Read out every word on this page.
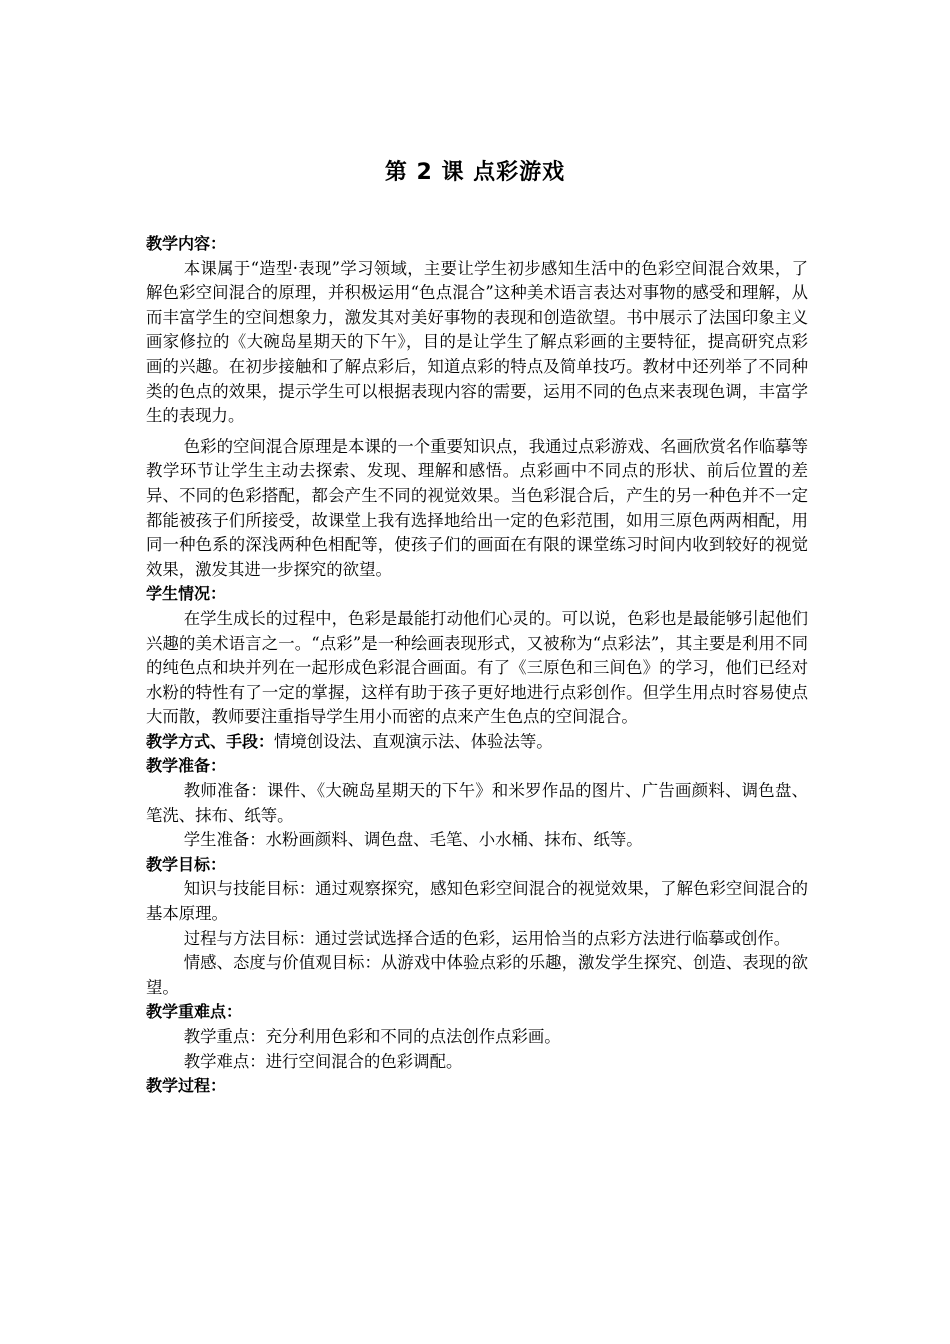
第 2 课 点彩游戏
教学内容：

本课属于“造型·表现”学习领域，主要让学生初步感知生活中的色彩空间混合效果，了解色彩空间混合的原理，并积极运用“色点混合”这种美术语言表达对事物的感受和理解，从而丰富学生的空间想象力，激发其对美好事物的表现和创造欲望。书中展示了法国印象主义画家修拉的《大碗岛星期天的下午》，目的是让学生了解点彩画的主要特征，提高研究点彩画的兴趣。在初步接触和了解点彩后，知道点彩的特点及简单技巧。教材中还列举了不同种类的色点的效果，提示学生可以根据表现内容的需要，运用不同的色点来表现色调，丰富学生的表现力。

色彩的空间混合原理是本课的一个重要知识点，我通过点彩游戏、名画欣赏名作临摹等教学环节让学生主动去探索、发现、理解和感悟。点彩画中不同点的形状、前后位置的差异、不同的色彩搭配，都会产生不同的视觉效果。当色彩混合后，产生的另一种色并不一定都能被孩子们所接受，故课堂上我有选择地给出一定的色彩范围，如用三原色两两相配，用同一种色系的深浅两种色相配等，使孩子们的画面在有限的课堂练习时间内收到较好的视觉效果，激发其进一步探究的欲望。

学生情况：

在学生成长的过程中，色彩是最能打动他们心灵的。可以说，色彩也是最能够引起他们兴趣的美术语言之一。“点彩”是一种绘画表现形式，又被称为“点彩法”，其主要是利用不同的纯色点和块并列在一起形成色彩混合画面。有了《三原色和三间色》的学习，他们已经对水粉的特性有了一定的掌握，这样有助于孩子更好地进行点彩创作。但学生用点时容易使点大而散，教师要注重指导学生用小而密的点来产生色点的空间混合。

教学方式、手段：情境创设法、直观演示法、体验法等。
教学准备：

教师准备：课件、《大碗岛星期天的下午》和米罗作品的图片、广告画颜料、调色盘、笔洗、抹布、纸等。

学生准备：水粉画颜料、调色盘、毛笔、小水桶、抹布、纸等。

教学目标：

知识与技能目标：通过观察探究，感知色彩空间混合的视觉效果，了解色彩空间混合的基本原理。

过程与方法目标：通过尝试选择合适的色彩，运用恰当的点彩方法进行临摹或创作。

情感、态度与价值观目标：从游戏中体验点彩的乐趣，激发学生探究、创造、表现的欲望。

教学重难点：

教学重点：充分利用色彩和不同的点法创作点彩画。

教学难点：进行空间混合的色彩调配。

教学过程：
